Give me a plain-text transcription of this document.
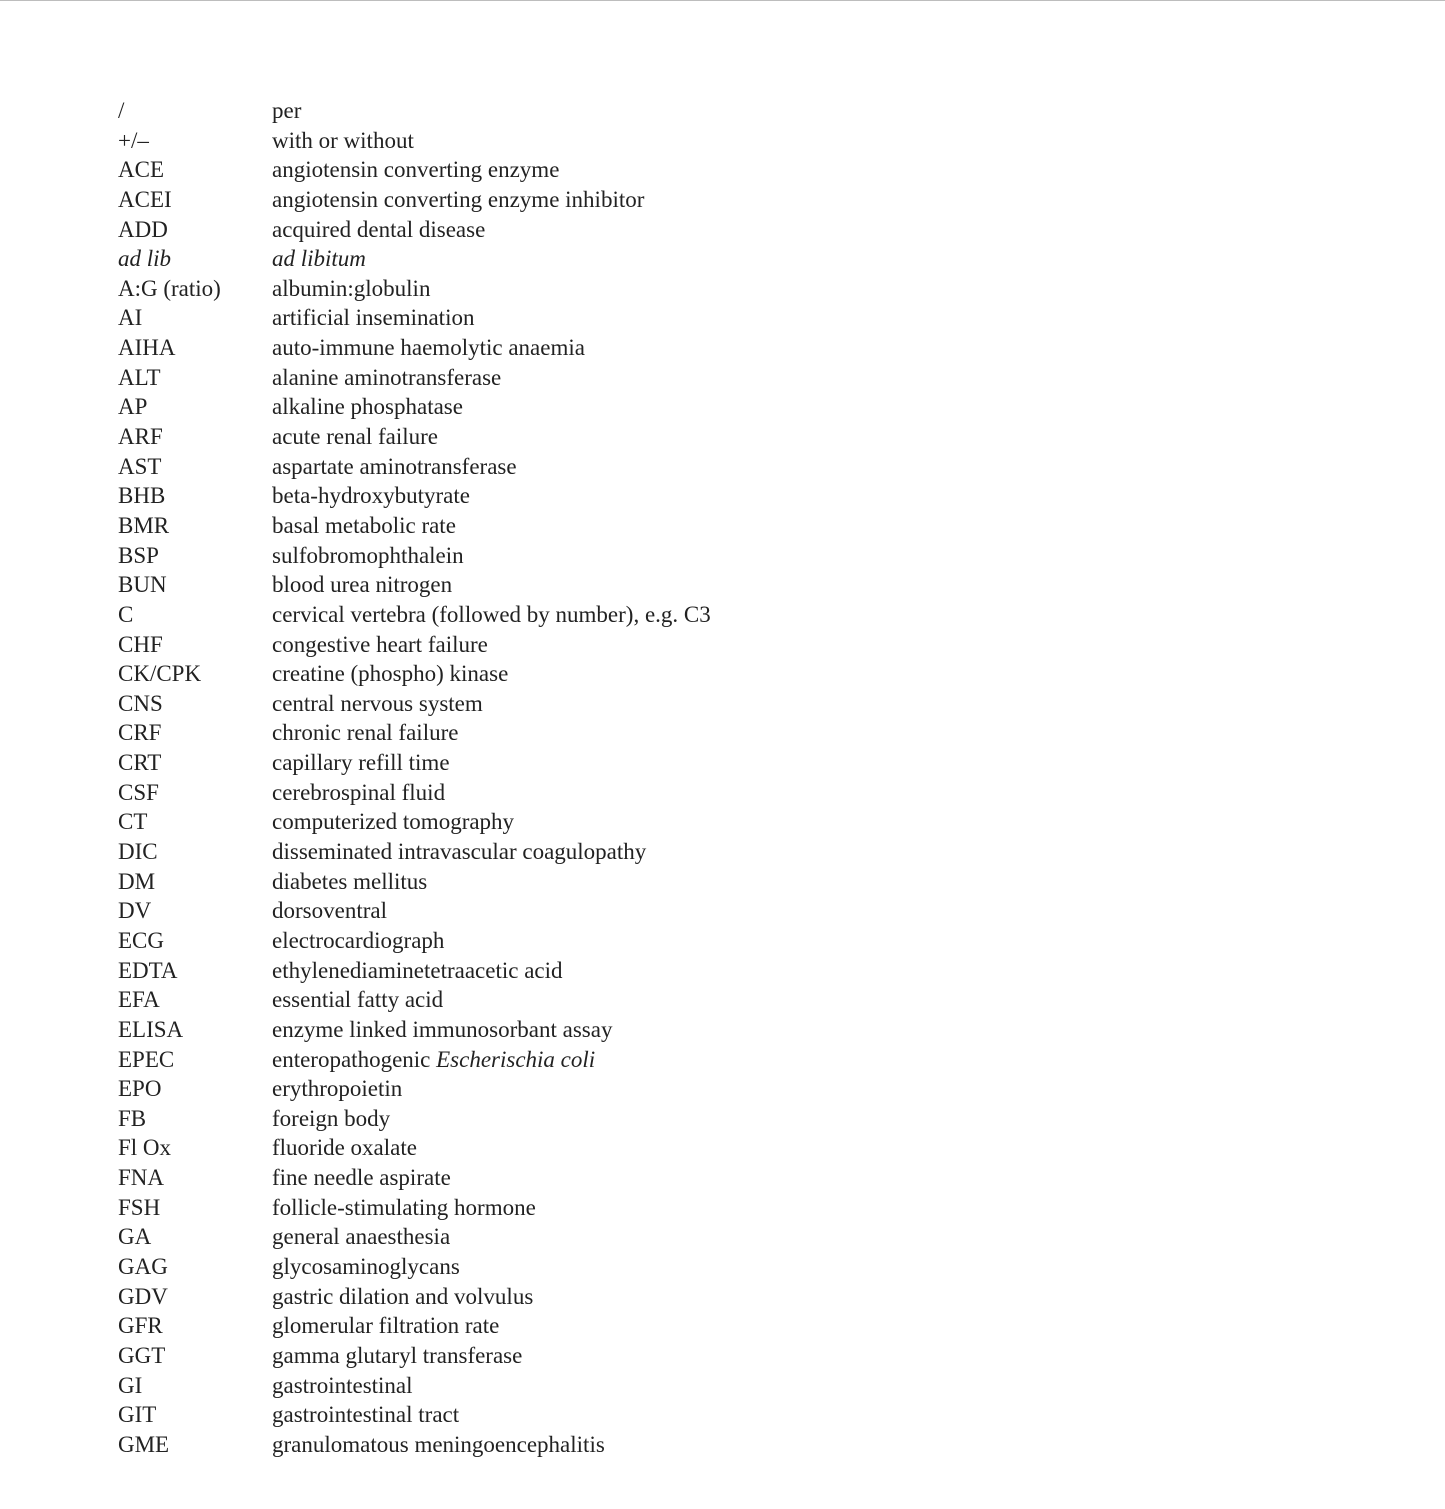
/	per
+/–	with or without
ACE	angiotensin converting enzyme
ACEI	angiotensin converting enzyme inhibitor
ADD	acquired dental disease
ad lib	ad libitum
A:G (ratio)	albumin:globulin
AI	artificial insemination
AIHA	auto-immune haemolytic anaemia
ALT	alanine aminotransferase
AP	alkaline phosphatase
ARF	acute renal failure
AST	aspartate aminotransferase
BHB	beta-hydroxybutyrate
BMR	basal metabolic rate
BSP	sulfobromophthalein
BUN	blood urea nitrogen
C	cervical vertebra (followed by number), e.g. C3
CHF	congestive heart failure
CK/CPK	creatine (phospho) kinase
CNS	central nervous system
CRF	chronic renal failure
CRT	capillary refill time
CSF	cerebrospinal fluid
CT	computerized tomography
DIC	disseminated intravascular coagulopathy
DM	diabetes mellitus
DV	dorsoventral
ECG	electrocardiograph
EDTA	ethylenediaminetetraacetic acid
EFA	essential fatty acid
ELISA	enzyme linked immunosorbant assay
EPEC	enteropathogenic Escherischia coli
EPO	erythropoietin
FB	foreign body
Fl Ox	fluoride oxalate
FNA	fine needle aspirate
FSH	follicle-stimulating hormone
GA	general anaesthesia
GAG	glycosaminoglycans
GDV	gastric dilation and volvulus
GFR	glomerular filtration rate
GGT	gamma glutaryl transferase
GI	gastrointestinal
GIT	gastrointestinal tract
GME	granulomatous meningoencephalitis
